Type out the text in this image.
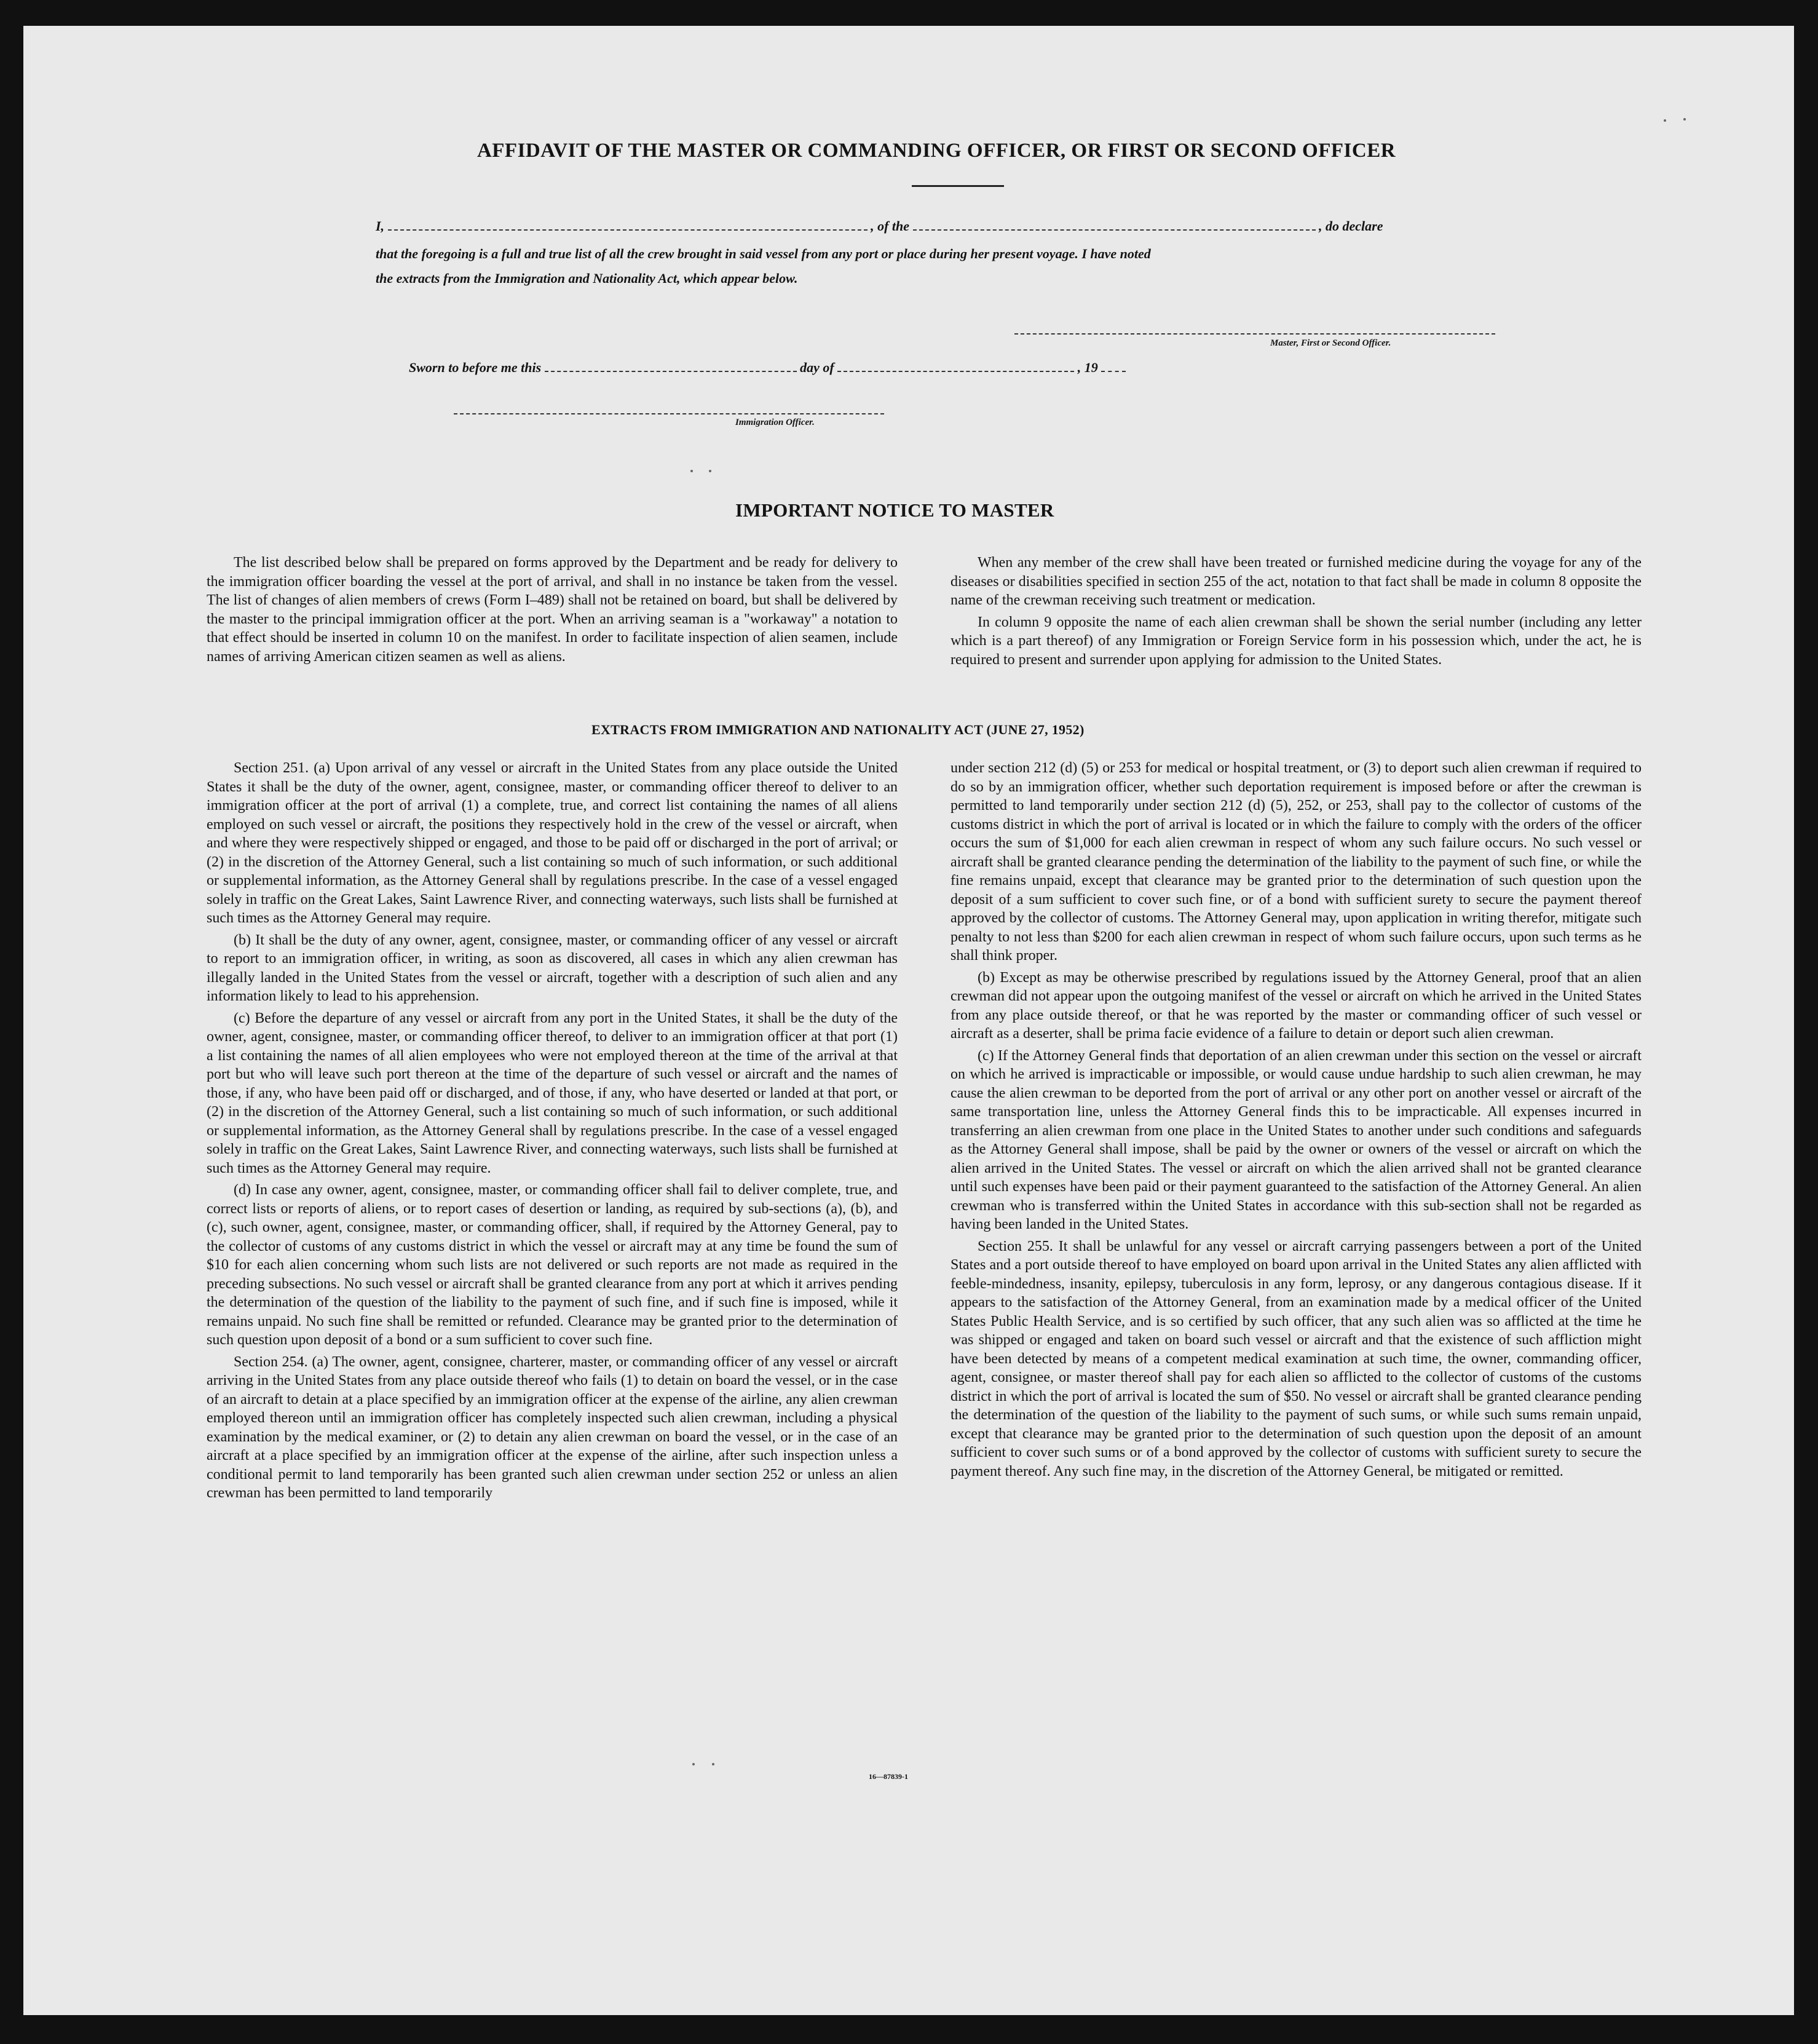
AFFIDAVIT OF THE MASTER OR COMMANDING OFFICER, OR FIRST OR SECOND OFFICER
I,	, of the	, do declare
that the foregoing is a full and true list of all the crew brought in said vessel from any port or place during her present voyage. I have noted
the extracts from the Immigration and Nationality Act, which appear below.
Master, First or Second Officer.
Sworn to before me this	day of	, 19
Immigration Officer.
IMPORTANT NOTICE TO MASTER

The list described below shall be prepared on forms approved by the Department and be ready for delivery to the immigration officer boarding the vessel at the port of arrival, and shall in no instance be taken from the vessel. The list of changes of alien members of crews (Form I–489) shall not be retained on board, but shall be delivered by the master to the principal immigration officer at the port. When an arriving seaman is a "workaway" a notation to that effect should be inserted in column 10 on the manifest. In order to facilitate inspection of alien seamen, include names of arriving American citizen seamen as well as aliens.

When any member of the crew shall have been treated or furnished medicine during the voyage for any of the diseases or disabilities specified in section 255 of the act, notation to that fact shall be made in column 8 opposite the name of the crewman receiving such treatment or medication.

In column 9 opposite the name of each alien crewman shall be shown the serial number (including any letter which is a part thereof) of any Immigration or Foreign Service form in his possession which, under the act, he is required to present and surrender upon applying for admission to the United States.

EXTRACTS FROM IMMIGRATION AND NATIONALITY ACT (JUNE 27, 1952)

Section 251. (a) Upon arrival of any vessel or aircraft in the United States from any place outside the United States it shall be the duty of the owner, agent, consignee, master, or commanding officer thereof to deliver to an immigration officer at the port of arrival (1) a complete, true, and correct list containing the names of all aliens employed on such vessel or aircraft, the positions they respectively hold in the crew of the vessel or aircraft, when and where they were respectively shipped or engaged, and those to be paid off or discharged in the port of arrival; or (2) in the discretion of the Attorney General, such a list containing so much of such information, or such additional or supplemental information, as the Attorney General shall by regulations prescribe. In the case of a vessel engaged solely in traffic on the Great Lakes, Saint Lawrence River, and connecting waterways, such lists shall be furnished at such times as the Attorney General may require.

(b) It shall be the duty of any owner, agent, consignee, master, or commanding officer of any vessel or aircraft to report to an immigration officer, in writing, as soon as discovered, all cases in which any alien crewman has illegally landed in the United States from the vessel or aircraft, together with a description of such alien and any information likely to lead to his apprehension.

(c) Before the departure of any vessel or aircraft from any port in the United States, it shall be the duty of the owner, agent, consignee, master, or commanding officer thereof, to deliver to an immigration officer at that port (1) a list containing the names of all alien employees who were not employed thereon at the time of the arrival at that port but who will leave such port thereon at the time of the departure of such vessel or aircraft and the names of those, if any, who have been paid off or discharged, and of those, if any, who have deserted or landed at that port, or (2) in the discretion of the Attorney General, such a list containing so much of such information, or such additional or supplemental information, as the Attorney General shall by regulations prescribe. In the case of a vessel engaged solely in traffic on the Great Lakes, Saint Lawrence River, and connecting waterways, such lists shall be furnished at such times as the Attorney General may require.

(d) In case any owner, agent, consignee, master, or commanding officer shall fail to deliver complete, true, and correct lists or reports of aliens, or to report cases of desertion or landing, as required by sub-sections (a), (b), and (c), such owner, agent, consignee, master, or commanding officer, shall, if required by the Attorney General, pay to the collector of customs of any customs district in which the vessel or aircraft may at any time be found the sum of $10 for each alien concerning whom such lists are not delivered or such reports are not made as required in the preceding subsections. No such vessel or aircraft shall be granted clearance from any port at which it arrives pending the determination of the question of the liability to the payment of such fine, and if such fine is imposed, while it remains unpaid. No such fine shall be remitted or refunded. Clearance may be granted prior to the determination of such question upon deposit of a bond or a sum sufficient to cover such fine.

Section 254. (a) The owner, agent, consignee, charterer, master, or commanding officer of any vessel or aircraft arriving in the United States from any place outside thereof who fails (1) to detain on board the vessel, or in the case of an aircraft to detain at a place specified by an immigration officer at the expense of the airline, any alien crewman employed thereon until an immigration officer has completely inspected such alien crewman, including a physical examination by the medical examiner, or (2) to detain any alien crewman on board the vessel, or in the case of an aircraft at a place specified by an immigration officer at the expense of the airline, after such inspection unless a conditional permit to land temporarily has been granted such alien crewman under section 252 or unless an alien crewman has been permitted to land temporarily

under section 212 (d) (5) or 253 for medical or hospital treatment, or (3) to deport such alien crewman if required to do so by an immigration officer, whether such deportation requirement is imposed before or after the crewman is permitted to land temporarily under section 212 (d) (5), 252, or 253, shall pay to the collector of customs of the customs district in which the port of arrival is located or in which the failure to comply with the orders of the officer occurs the sum of $1,000 for each alien crewman in respect of whom any such failure occurs. No such vessel or aircraft shall be granted clearance pending the determination of the liability to the payment of such fine, or while the fine remains unpaid, except that clearance may be granted prior to the determination of such question upon the deposit of a sum sufficient to cover such fine, or of a bond with sufficient surety to secure the payment thereof approved by the collector of customs. The Attorney General may, upon application in writing therefor, mitigate such penalty to not less than $200 for each alien crewman in respect of whom such failure occurs, upon such terms as he shall think proper.

(b) Except as may be otherwise prescribed by regulations issued by the Attorney General, proof that an alien crewman did not appear upon the outgoing manifest of the vessel or aircraft on which he arrived in the United States from any place outside thereof, or that he was reported by the master or commanding officer of such vessel or aircraft as a deserter, shall be prima facie evidence of a failure to detain or deport such alien crewman.

(c) If the Attorney General finds that deportation of an alien crewman under this section on the vessel or aircraft on which he arrived is impracticable or impossible, or would cause undue hardship to such alien crewman, he may cause the alien crewman to be deported from the port of arrival or any other port on another vessel or aircraft of the same transportation line, unless the Attorney General finds this to be impracticable. All expenses incurred in transferring an alien crewman from one place in the United States to another under such conditions and safeguards as the Attorney General shall impose, shall be paid by the owner or owners of the vessel or aircraft on which the alien arrived in the United States. The vessel or aircraft on which the alien arrived shall not be granted clearance until such expenses have been paid or their payment guaranteed to the satisfaction of the Attorney General. An alien crewman who is transferred within the United States in accordance with this sub-section shall not be regarded as having been landed in the United States.

Section 255. It shall be unlawful for any vessel or aircraft carrying passengers between a port of the United States and a port outside thereof to have employed on board upon arrival in the United States any alien afflicted with feeble-mindedness, insanity, epilepsy, tuberculosis in any form, leprosy, or any dangerous contagious disease. If it appears to the satisfaction of the Attorney General, from an examination made by a medical officer of the United States Public Health Service, and is so certified by such officer, that any such alien was so afflicted at the time he was shipped or engaged and taken on board such vessel or aircraft and that the existence of such affliction might have been detected by means of a competent medical examination at such time, the owner, commanding officer, agent, consignee, or master thereof shall pay for each alien so afflicted to the collector of customs of the customs district in which the port of arrival is located the sum of $50. No vessel or aircraft shall be granted clearance pending the determination of the question of the liability to the payment of such sums, or while such sums remain unpaid, except that clearance may be granted prior to the determination of such question upon the deposit of an amount sufficient to cover such sums or of a bond approved by the collector of customs with sufficient surety to secure the payment thereof. Any such fine may, in the discretion of the Attorney General, be mitigated or remitted.

16—87839-1
